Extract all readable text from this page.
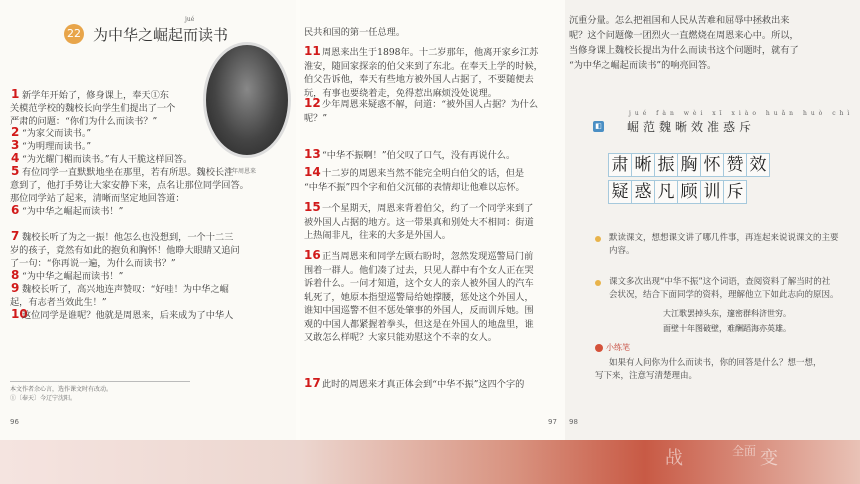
22 为中华之崛起而读书
jué
青年周恩来
1 新学年开始了，修身课上，奉天①东
关模范学校的魏校长向学生们提出了一个
严肃的问题：“你们为什么而读书？”
2 “为家父而读书。”
3 “为明理而读书。”
4 “为光耀门楣而读书。”有人干脆这样回答。
5 有位同学一直默默地坐在那里，若有所思。魏校长注
意到了，他打手势让大家安静下来，点名让那位同学回答。
那位同学站了起来，清晰而坚定地回答道：
6 “为中华之崛起而读书！”
7 魏校长听了为之一振！他怎么也没想到，一个十二三
岁的孩子，竟然有如此的抱负和胸怀！他睁大眼睛又追问
了一句：“你再说一遍，为什么而读书？”
8 “为中华之崛起而读书！”
9 魏校长听了，高兴地连声赞叹：“好哇！为中华之崛
起，有志者当效此生！”
10
这位同学是谁呢？他就是周恩来，后来成为了中华人
本文作者余心言，选作课文时有改动。
①〔奉天〕今辽宁沈阳。
96
民共和国的第一任总理。
11 周恩来出生于1898年。十二岁那年，他离开家乡江苏
淮安，随回家探亲的伯父来到了东北。在奉天上学的时候，
伯父告诉他，奉天有些地方被外国人占据了，不要随便去
玩，有事也要绕着走，免得惹出麻烦没处说理。
12 少年周恩来疑惑不解，问道：“被外国人占据？为什么
呢？”
13 “中华不振啊！”伯父叹了口气，没有再说什么。
14 十二岁的周恩来当然不能完全明白伯父的话，但是
“中华不振”四个字和伯父沉郁的表情却让他难以忘怀。
15 一个星期天，周恩来背着伯父，约了一个同学来到了
被外国人占据的地方。这一带果真和别处大不相同：街道
上热闹非凡，往来的大多是外国人。
16 正当周恩来和同学左顾右盼时，忽然发现巡警局门前
围着一群人。他们凑了过去，只见人群中有个女人正在哭
诉着什么。一问才知道，这个女人的亲人被外国人的汽车
轧死了，她原本指望巡警局给她撑腰，惩处这个外国人，
谁知中国巡警不但不惩处肇事的外国人，反而训斥她。围
观的中国人都紧握着拳头，但这是在外国人的地盘里，谁
又敢怎么样呢？大家只能劝慰这个不幸的女人。
17 此时的周恩来才真正体会到“中华不振”这四个字的
97
沉重分量。怎么把祖国和人民从苦难和屈辱中拯救出来
呢？这个问题像一团烈火一直燃烧在周恩来心中。所以，
当修身课上魏校长提出为什么而读书这个问题时，就有了
“为中华之崛起而读书”的响亮回答。
◧
jué fàn wèi xī xiào huǎn huò chì
崛范魏晰效准惑斥
肃 晰 振 胸 怀 赞 效
疑 惑 凡 顾 训 斥
默读课文，想想课文讲了哪几件事，再连起来说说课文的主要
内容。
课文多次出现“中华不振”这个词语，查阅资料了解当时的社
会状况，结合下面同学的资料，理解他立下如此志向的原因。
大江歌罢掉头东，邃密群科济世穷。
面壁十年图破壁，难酬蹈海亦英雄。
小练笔
如果有人问你为什么而读书，你的回答是什么？想一想，
写下来，注意写清楚理由。
98
战	全面 变
